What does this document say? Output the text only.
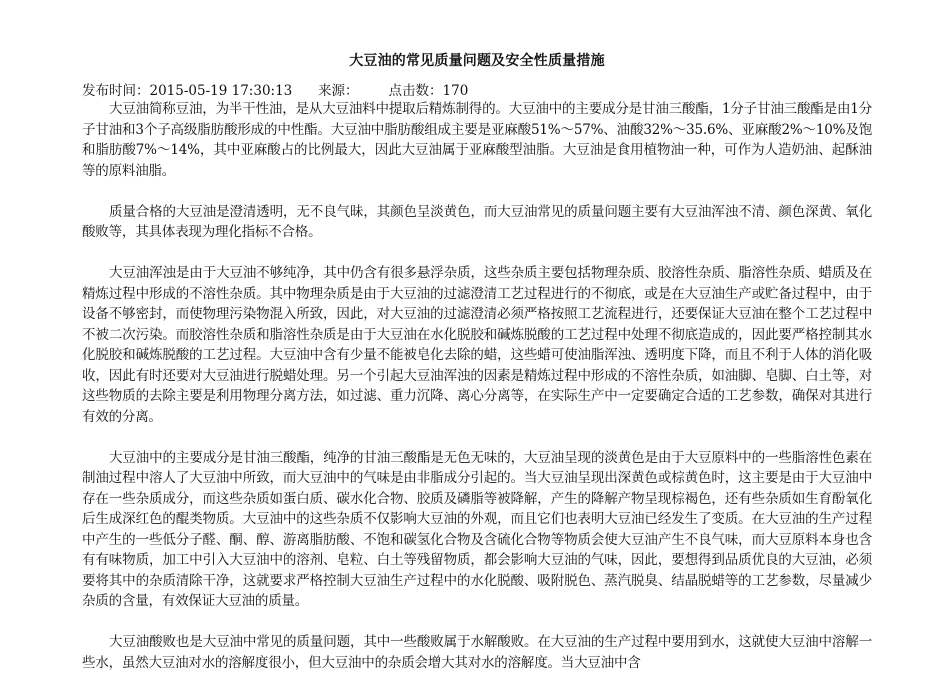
大豆油的常见质量问题及安全性质量措施
发布时间：2015-05-19 17:30:13      来源：       点击数：170

大豆油简称豆油，为半干性油，是从大豆油料中提取后精炼制得的。大豆油中的主要成分是甘油三酸酯，1分子甘油三酸酯是由1分子甘油和3个子高级脂肪酸形成的中性酯。大豆油中脂肪酸组成主要是亚麻酸51%～57%、油酸32%～35.6%、亚麻酸2%～10%及饱和脂肪酸7%～14%，其中亚麻酸占的比例最大，因此大豆油属于亚麻酸型油脂。大豆油是食用植物油一种，可作为人造奶油、起酥油等的原料油脂。

质量合格的大豆油是澄清透明，无不良气昧，其颜色呈淡黄色，而大豆油常见的质量问题主要有大豆油浑浊不清、颜色深黄、氧化酸败等，其具体表现为理化指标不合格。

大豆油浑浊是由于大豆油不够纯净，其中仍含有很多悬浮杂质，这些杂质主要包括物理杂质、胶溶性杂质、脂溶性杂质、蜡质及在精炼过程中形成的不溶性杂质。其中物理杂质是由于大豆油的过滤澄清工艺过程进行的不彻底，或是在大豆油生产或贮备过程中，由于设备不够密封，而使物理污染物混入所致，因此，对大豆油的过滤澄清必须严格按照工艺流程进行，还要保证大豆油在整个工艺过程中不被二次污染。而胶溶性杂质和脂溶性杂质是由于大豆油在水化脱胶和碱炼脱酸的工艺过程中处理不彻底造成的，因此要严格控制其水化脱胶和碱炼脱酸的工艺过程。大豆油中含有少量不能被皂化去除的蜡，这些蜡可使油脂浑浊、透明度下降，而且不利于人体的消化吸收，因此有时还要对大豆油进行脱蜡处理。另一个引起大豆油浑浊的因素是精炼过程中形成的不溶性杂质，如油脚、皂脚、白土等，对这些物质的去除主要是利用物理分离方法，如过滤、重力沉降、离心分离等，在实际生产中一定要确定合适的工艺参数，确保对其进行有效的分离。

大豆油中的主要成分是甘油三酸酯，纯净的甘油三酸酯是无色无味的，大豆油呈现的淡黄色是由于大豆原料中的一些脂溶性色素在制油过程中溶人了大豆油中所致，而大豆油中的气味是由非脂成分引起的。当大豆油呈现出深黄色或棕黄色时，这主要是由于大豆油中存在一些杂质成分，而这些杂质如蛋白质、碳水化合物、胶质及磷脂等被降解，产生的降解产物呈现棕褐色，还有些杂质如生育酚氧化后生成深红色的醌类物质。大豆油中的这些杂质不仅影响大豆油的外观，而且它们也表明大豆油已经发生了变质。在大豆油的生产过程中产生的一些低分子醛、酮、醇、游离脂肪酸、不饱和碳氢化合物及含硫化合物等物质会使大豆油产生不良气味，而大豆原料本身也含有有味物质，加工中引入大豆油中的溶剂、皂粒、白土等残留物质，都会影响大豆油的气味，因此，要想得到品质优良的大豆油，必须要将其中的杂质清除干净，这就要求严格控制大豆油生产过程中的水化脱酸、吸附脱色、蒸汽脱臭、结晶脱蜡等的工艺参数，尽量减少杂质的含量，有效保证大豆油的质量。

大豆油酸败也是大豆油中常见的质量问题，其中一些酸败属于水解酸败。在大豆油的生产过程中要用到水，这就使大豆油中溶解一些水，虽然大豆油对水的溶解度很小，但大豆油中的杂质会增大其对水的溶解度。当大豆油中含
